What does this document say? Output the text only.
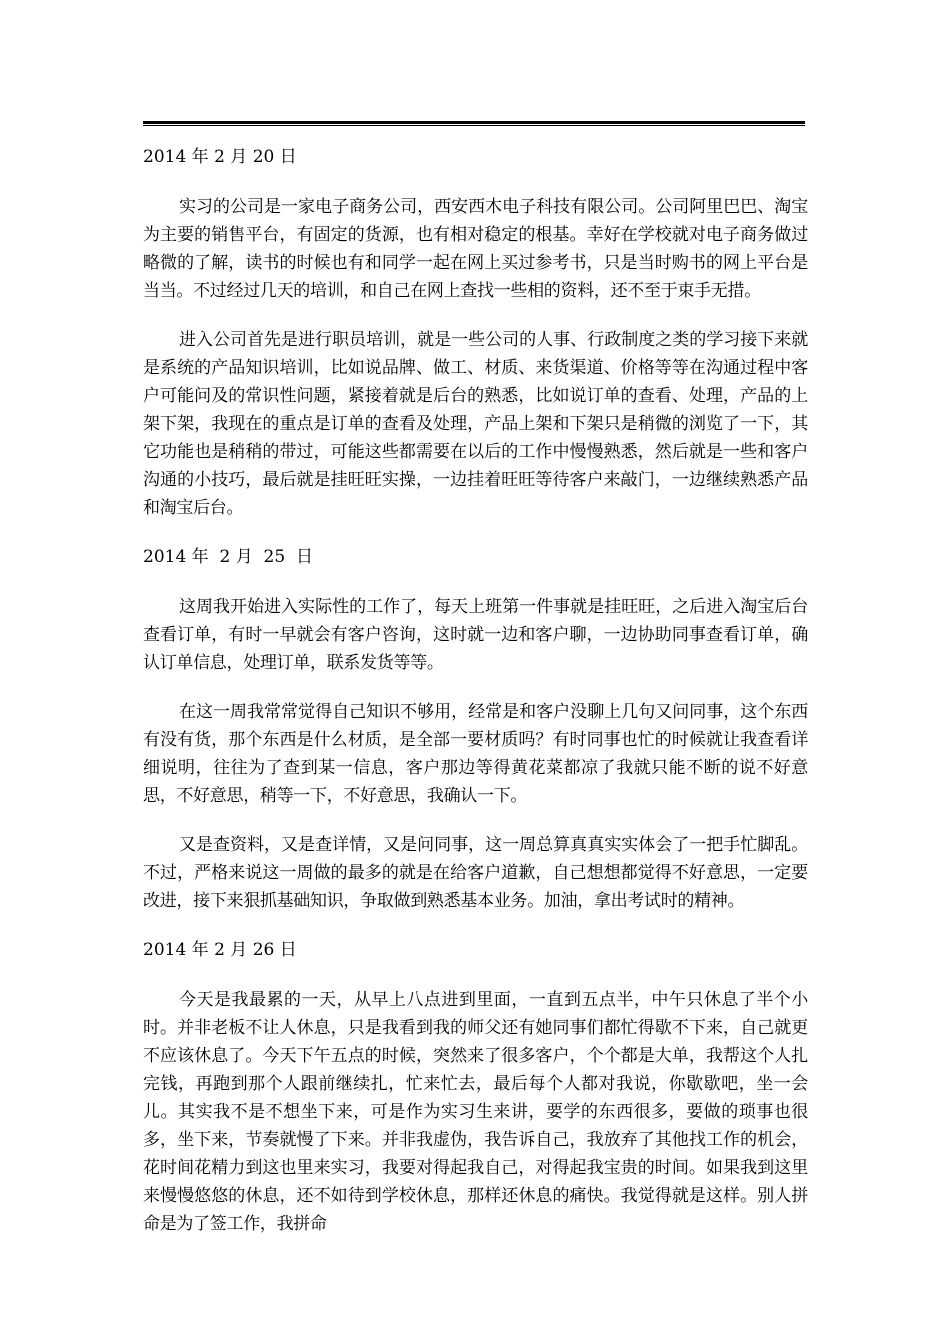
2014 年 2 月 20 日

实习的公司是一家电子商务公司，西安西木电子科技有限公司。公司阿里巴巴、淘宝为主要的销售平台，有固定的货源，也有相对稳定的根基。幸好在学校就对电子商务做过略微的了解，读书的时候也有和同学一起在网上买过参考书，只是当时购书的网上平台是当当。不过经过几天的培训，和自己在网上查找一些相的资料，还不至于束手无措。

进入公司首先是进行职员培训，就是一些公司的人事、行政制度之类的学习接下来就是系统的产品知识培训，比如说品牌、做工、材质、来货渠道、价格等等在沟通过程中客户可能问及的常识性问题，紧接着就是后台的熟悉，比如说订单的查看、处理，产品的上架下架，我现在的重点是订单的查看及处理，产品上架和下架只是稍微的浏览了一下，其它功能也是稍稍的带过，可能这些都需要在以后的工作中慢慢熟悉，然后就是一些和客户沟通的小技巧，最后就是挂旺旺实操，一边挂着旺旺等待客户来敲门，一边继续熟悉产品和淘宝后台。

2014 年  2 月  25  日

这周我开始进入实际性的工作了，每天上班第一件事就是挂旺旺，之后进入淘宝后台查看订单，有时一早就会有客户咨询，这时就一边和客户聊，一边协助同事查看订单，确认订单信息，处理订单，联系发货等等。

在这一周我常常觉得自己知识不够用，经常是和客户没聊上几句又问同事，这个东西有没有货，那个东西是什么材质，是全部一要材质吗？有时同事也忙的时候就让我查看详细说明，往往为了查到某一信息，客户那边等得黄花菜都凉了我就只能不断的说不好意思，不好意思，稍等一下，不好意思，我确认一下。

又是查资料，又是查详情，又是问同事，这一周总算真真实实体会了一把手忙脚乱。不过，严格来说这一周做的最多的就是在给客户道歉，自己想想都觉得不好意思，一定要改进，接下来狠抓基础知识，争取做到熟悉基本业务。加油，拿出考试时的精神。

2014 年 2 月 26 日

今天是我最累的一天，从早上八点进到里面，一直到五点半，中午只休息了半个小时。并非老板不让人休息，只是我看到我的师父还有她同事们都忙得歇不下来，自己就更不应该休息了。今天下午五点的时候，突然来了很多客户，个个都是大单，我帮这个人扎完钱，再跑到那个人跟前继续扎，忙来忙去，最后每个人都对我说，你歇歇吧，坐一会儿。其实我不是不想坐下来，可是作为实习生来讲，要学的东西很多，要做的琐事也很多，坐下来，节奏就慢了下来。并非我虚伪，我告诉自己，我放弃了其他找工作的机会，花时间花精力到这也里来实习，我要对得起我自己，对得起我宝贵的时间。如果我到这里来慢慢悠悠的休息，还不如待到学校休息，那样还休息的痛快。我觉得就是这样。别人拼命是为了签工作，我拼命
